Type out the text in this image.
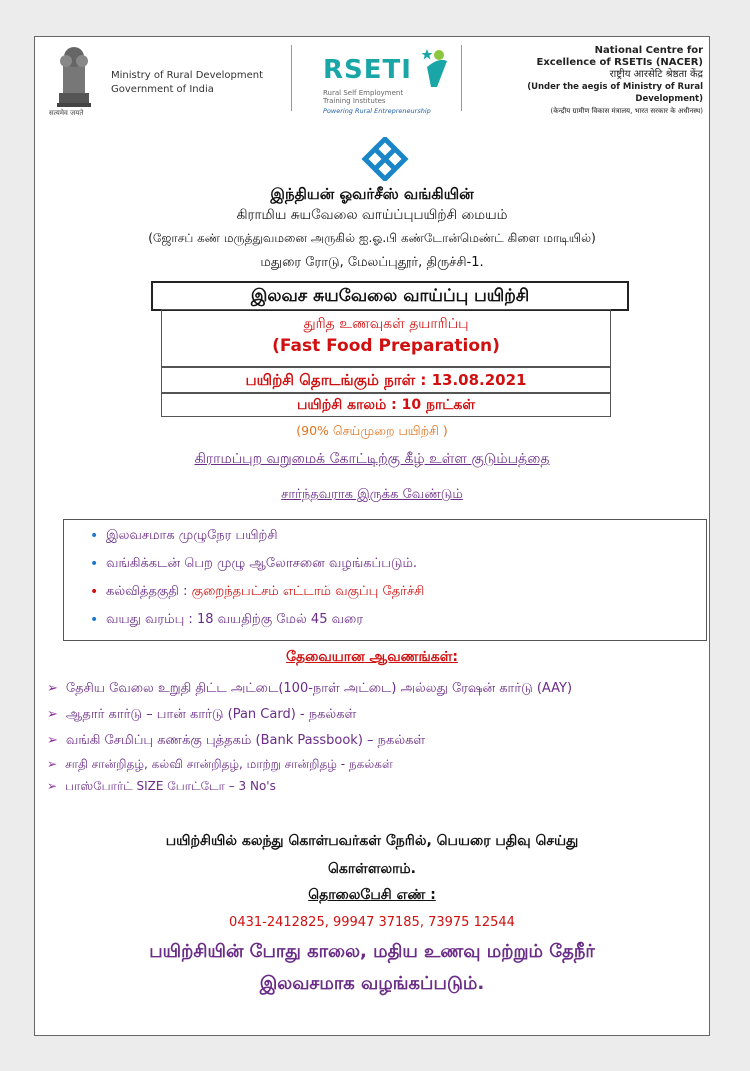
सत्यमेव जयते
Ministry of Rural Development
Government of India
RSETI
Rural Self Employment
Training Institutes
Powering Rural Entrepreneurship
National Centre for
Excellence of RSETIs (NACER)
राष्ट्रीय आरसेटि श्रेष्ठता केंद्र
(Under the aegis of Ministry of Rural Development)
(केन्द्रीय ग्रामीण विकास मंत्रालय, भारत सरकार के अधीनस्थ)
இந்தியன் ஓவர்சீஸ் வங்கியின்
கிராமிய சுயவேலை வாய்ப்புபயிற்சி மையம்
(ஜோசப் கண் மருத்துவமனை அருகில் ஐ.ஓ.பி கண்டோன்மெண்ட் கிளை மாடியில்)
மதுரை ரோடு, மேலப்புதூர், திருச்சி-1.
இலவச சுயவேலை வாய்ப்பு பயிற்சி
துரித உணவுகள் தயாரிப்பு
(Fast Food Preparation)
பயிற்சி தொடங்கும் நாள் : 13.08.2021
பயிற்சி காலம் : 10 நாட்கள்
(90% செய்முறை பயிற்சி )
கிராமப்புற வறுமைக் கோட்டிற்கு கீழ் உள்ள குடும்பத்தை
சார்ந்தவராக இருக்க வேண்டும்
• இலவசமாக முழுநேர பயிற்சி
• வங்கிக்கடன் பெற முழு ஆலோசனை வழங்கப்படும்.
• கல்வித்தகுதி : குறைந்தபட்சம் எட்டாம் வகுப்பு தேர்ச்சி
• வயது வரம்பு : 18 வயதிற்கு மேல் 45 வரை
தேவையான ஆவணங்கள்:
➢ தேசிய வேலை உறுதி திட்ட அட்டை(100-நாள் அட்டை) அல்லது ரேஷன் கார்டு (AAY)
➢ ஆதார் கார்டு – பான் கார்டு (Pan Card) - நகல்கள்
➢ வங்கி சேமிப்பு கணக்கு புத்தகம் (Bank Passbook) – நகல்கள்
➢ சாதி சான்றிதழ், கல்வி சான்றிதழ், மாற்று சான்றிதழ் - நகல்கள்
➢ பாஸ்போர்ட் SIZE போட்டோ – 3 No's
பயிற்சியில் கலந்து கொள்பவர்கள் நேரில், பெயரை பதிவு செய்து
கொள்ளலாம்.
தொலைபேசி எண் :
0431-2412825, 99947 37185, 73975 12544
பயிற்சியின் போது காலை, மதிய உணவு மற்றும் தேநீர்
இலவசமாக வழங்கப்படும்.
